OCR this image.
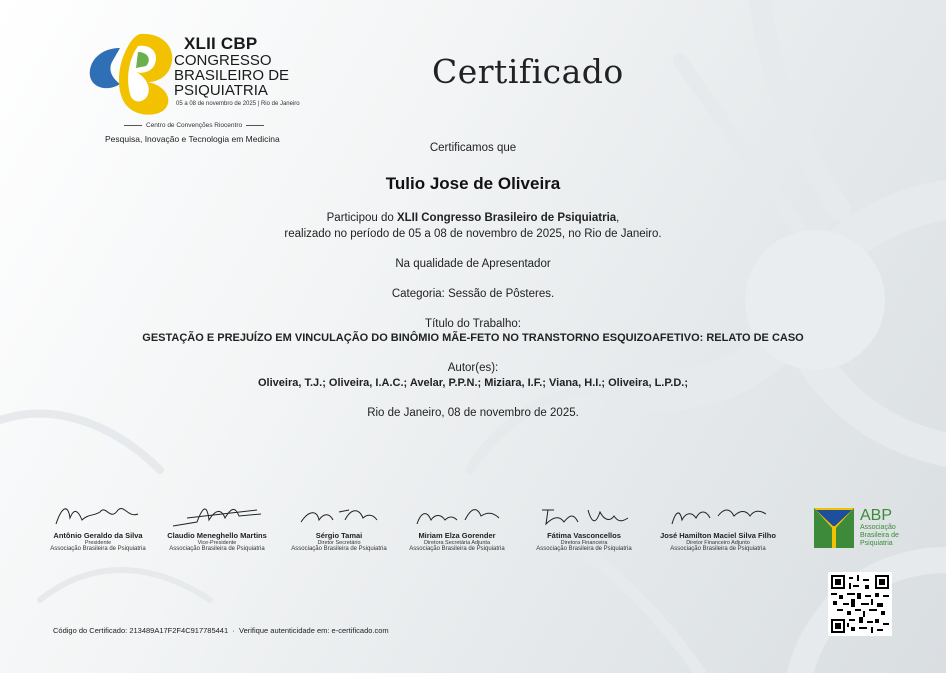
XLII CBP
CONGRESSO
BRASILEIRO DE
PSIQUIATRIA
05 a 08 de novembro de 2025 | Rio de Janeiro
Centro de Convenções Riocentro
Pesquisa, Inovação e Tecnologia em Medicina
Certificado
Certificamos que
Tulio Jose de Oliveira
Participou do XLII Congresso Brasileiro de Psiquiatria,
realizado no período de 05 a 08 de novembro de 2025, no Rio de Janeiro.
Na qualidade de Apresentador
Categoria: Sessão de Pôsteres.
Título do Trabalho:
GESTAÇÃO E PREJUÍZO EM VINCULAÇÃO DO BINÔMIO MÃE-FETO NO TRANSTORNO ESQUIZOAFETIVO: RELATO DE CASO
Autor(es):
Oliveira, T.J.; Oliveira, I.A.C.; Avelar, P.P.N.; Miziara, I.F.; Viana, H.I.; Oliveira, L.P.D.;
Rio de Janeiro, 08 de novembro de 2025.
Antônio Geraldo da Silva
Presidente
Associação Brasileira de Psiquiatria
Claudio Meneghello Martins
Vice-Presidente
Associação Brasileira de Psiquiatria
Sérgio Tamai
Diretor Secretário
Associação Brasileira de Psiquiatria
Miriam Elza Gorender
Diretora Secretária Adjunta
Associação Brasileira de Psiquiatria
Fátima Vasconcellos
Diretora Financeira
Associação Brasileira de Psiquiatria
José Hamilton Maciel Silva Filho
Diretor Financeiro Adjunto
Associação Brasileira de Psiquiatria
ABP
Associação
Brasileira de
Psiquiatria
Código do Certificado: 213489A17F2F4C917785441 · Verifique autenticidade em: e-certificado.com
